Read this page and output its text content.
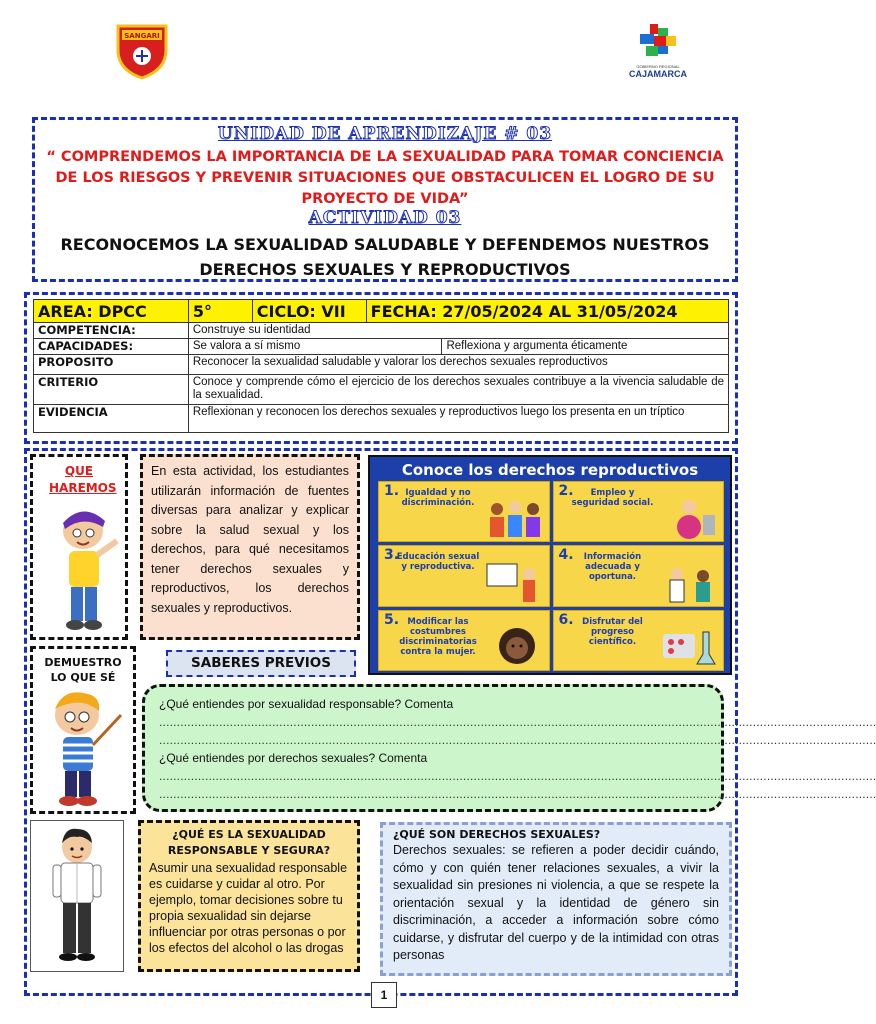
SANGARI
GOBIERNO REGIONAL
CAJAMARCA
UNIDAD DE APRENDIZAJE # 03
“ COMPRENDEMOS LA IMPORTANCIA DE LA SEXUALIDAD PARA TOMAR CONCIENCIA DE LOS RIESGOS Y PREVENIR SITUACIONES QUE OBSTACULICEN EL LOGRO DE SU PROYECTO DE VIDA”
ACTIVIDAD 03
RECONOCEMOS LA SEXUALIDAD SALUDABLE Y DEFENDEMOS NUESTROS DERECHOS SEXUALES Y REPRODUCTIVOS
AREA: DPCC	5°	CICLO: VII	FECHA: 27/05/2024 AL 31/05/2024	
COMPETENCIA:	Construye su identidad			
CAPACIDADES:	Se valora a sí mismo			Reflexiona y argumenta éticamente
PROPOSITO	Reconocer la sexualidad saludable y valorar los derechos sexuales reproductivos			
CRITERIO	Conoce y comprende cómo el ejercicio de los derechos sexuales contribuye a la vivencia saludable de la sexualidad.			
EVIDENCIA	Reflexionan y reconocen los derechos sexuales y reproductivos luego los presenta en un tríptico			
QUE HAREMOS
En esta actividad, los estudiantes utilizarán información de fuentes diversas para analizar y explicar sobre la salud sexual y los derechos, para qué necesitamos tener derechos sexuales y reproductivos, los derechos sexuales y reproductivos.
Conoce los derechos reproductivos
1. Igualdad y no discriminación.
2.	Empleo y seguridad social.
3.
Educación sexual y reproductiva.
4.	Información adecuada y oportuna.
5. Modificar las costumbres discriminatorias contra la mujer.
6.	Disfrutar del progreso científico.
DEMUESTRO LO QUE SÉ
SABERES PREVIOS
¿Qué entiendes por sexualidad responsable? Comenta
...........................................................................................................................................................................................................
...........................................................................................................................................................................................................
¿Qué entiendes por derechos sexuales? Comenta
...........................................................................................................................................................................................................
...........................................................................................................................................................................................................
¿QUÉ ES LA SEXUALIDAD RESPONSABLE Y SEGURA?
Asumir una sexualidad responsable es cuidarse y cuidar al otro. Por ejemplo, tomar decisiones sobre tu propia sexualidad sin dejarse influenciar por otras personas o por los efectos del alcohol o las drogas
¿QUÉ SON DERECHOS SEXUALES?
Derechos sexuales: se refieren a poder decidir cuándo, cómo y con quién tener relaciones sexuales, a vivir la sexualidad sin presiones ni violencia, a que se respete la orientación sexual y la identidad de género sin discriminación, a acceder a información sobre cómo cuidarse, y disfrutar del cuerpo y de la intimidad con otras personas
1
